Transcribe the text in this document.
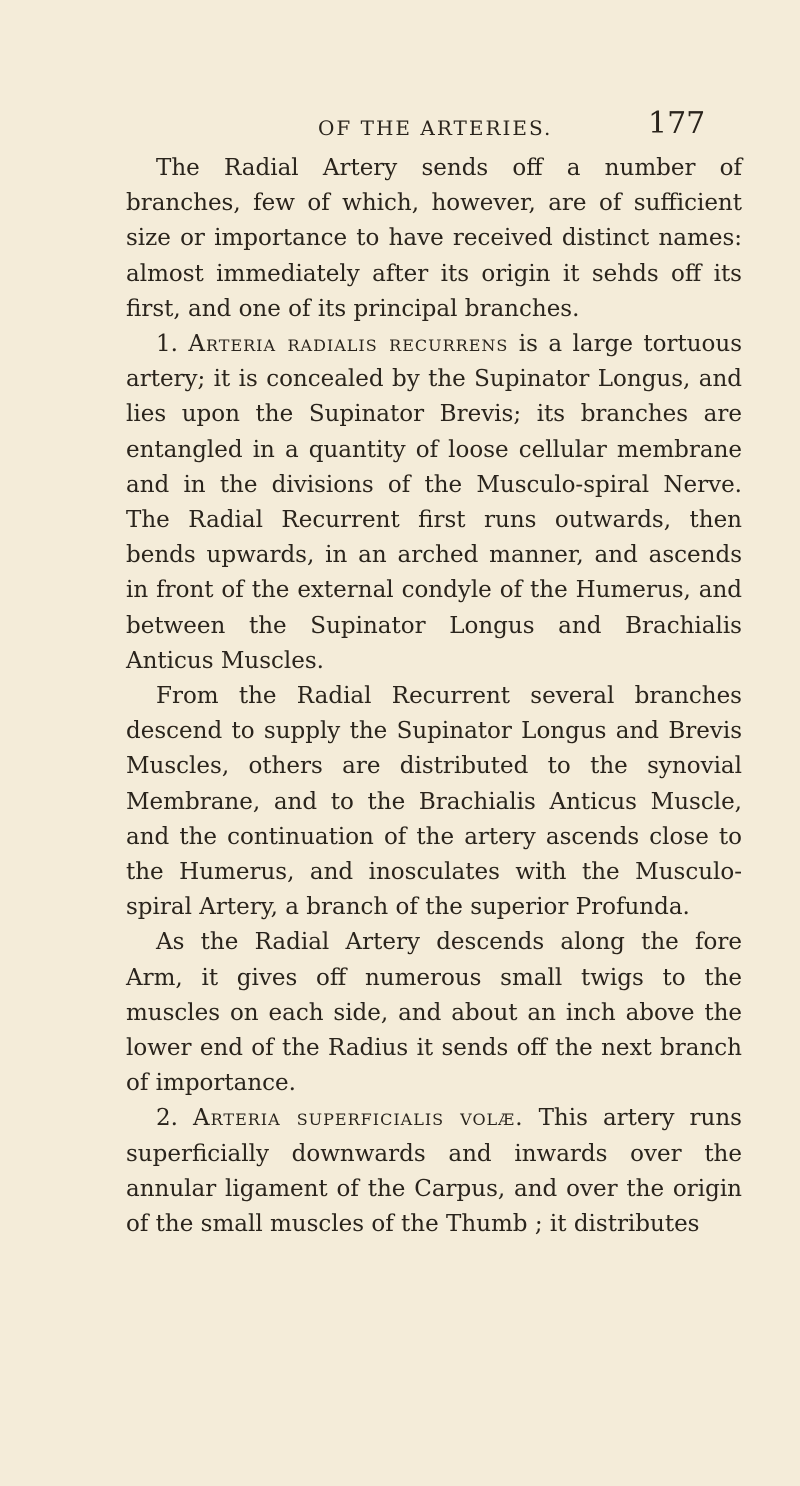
OF THE ARTERIES.	177

The Radial Artery sends off a number of branches, few of which, however, are of sufficient size or importance to have received distinct names: almost immediately after its origin it sehds off its first, and one of its principal branches.

1. Arteria radialis recurrens is a large tortuous artery; it is concealed by the Supinator Longus, and lies upon the Supinator Brevis; its branches are entangled in a quantity of loose cellular membrane and in the divisions of the Musculo-spiral Nerve. The Radial Recurrent first runs outwards, then bends upwards, in an arched manner, and ascends in front of the external condyle of the Humerus, and between the Supinator Longus and Brachialis Anticus Muscles.

From the Radial Recurrent several branches descend to supply the Supinator Longus and Brevis Muscles, others are distributed to the synovial Membrane, and to the Brachialis Anticus Muscle, and the continuation of the artery ascends close to the Humerus, and inosculates with the Musculo-spiral Artery, a branch of the superior Profunda.

As the Radial Artery descends along the fore Arm, it gives off numerous small twigs to the muscles on each side, and about an inch above the lower end of the Radius it sends off the next branch of importance.

2. Arteria superficialis volæ. This artery runs superficially downwards and inwards over the annular ligament of the Carpus, and over the origin of the small muscles of the Thumb ; it distributes
